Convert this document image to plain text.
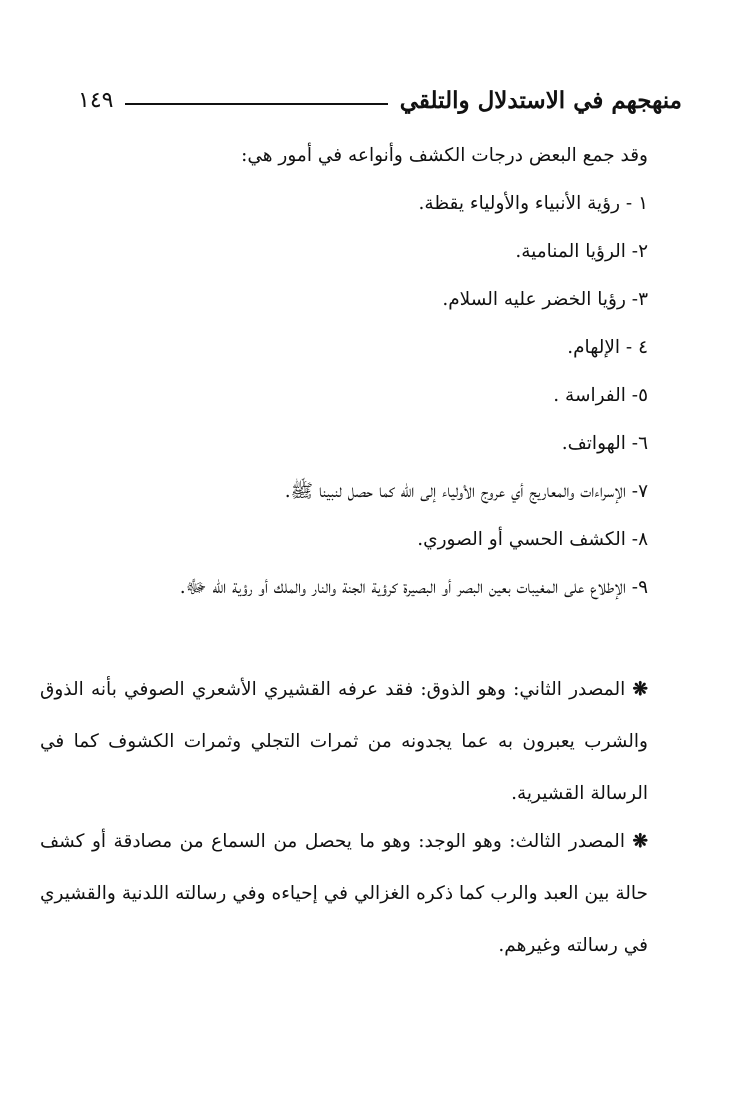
منهجهم في الاستدلال والتلقي
١٤٩
وقد جمع البعض درجات الكشف وأنواعه في أمور هي:
١ - رؤية الأنبياء والأولياء يقظة.
٢- الرؤيا المنامية.
٣- رؤيا الخضر عليه السلام.
٤ - الإلهام.
٥- الفراسة .
٦- الهواتف.
٧- الإسراءات والمعاريج أي عروج الأولياء إلى الله كما حصل لنبينا ﷺ.
٨- الكشف الحسي أو الصوري.
٩- الإطلاع على المغيبات بعين البصر أو البصيرة كرؤية الجنة والنار والملك أو رؤية الله ﷻ.
❋ المصدر الثاني: وهو الذوق: فقد عرفه القشيري الأشعري الصوفي بأنه الذوق والشرب يعبرون به عما يجدونه من ثمرات التجلي وثمرات الكشوف كما في الرسالة القشيرية.
❋ المصدر الثالث: وهو الوجد: وهو ما يحصل من السماع من مصادقة أو كشف حالة بين العبد والرب كما ذكره الغزالي في إحياءه وفي رسالته اللدنية والقشيري في رسالته وغيرهم.
